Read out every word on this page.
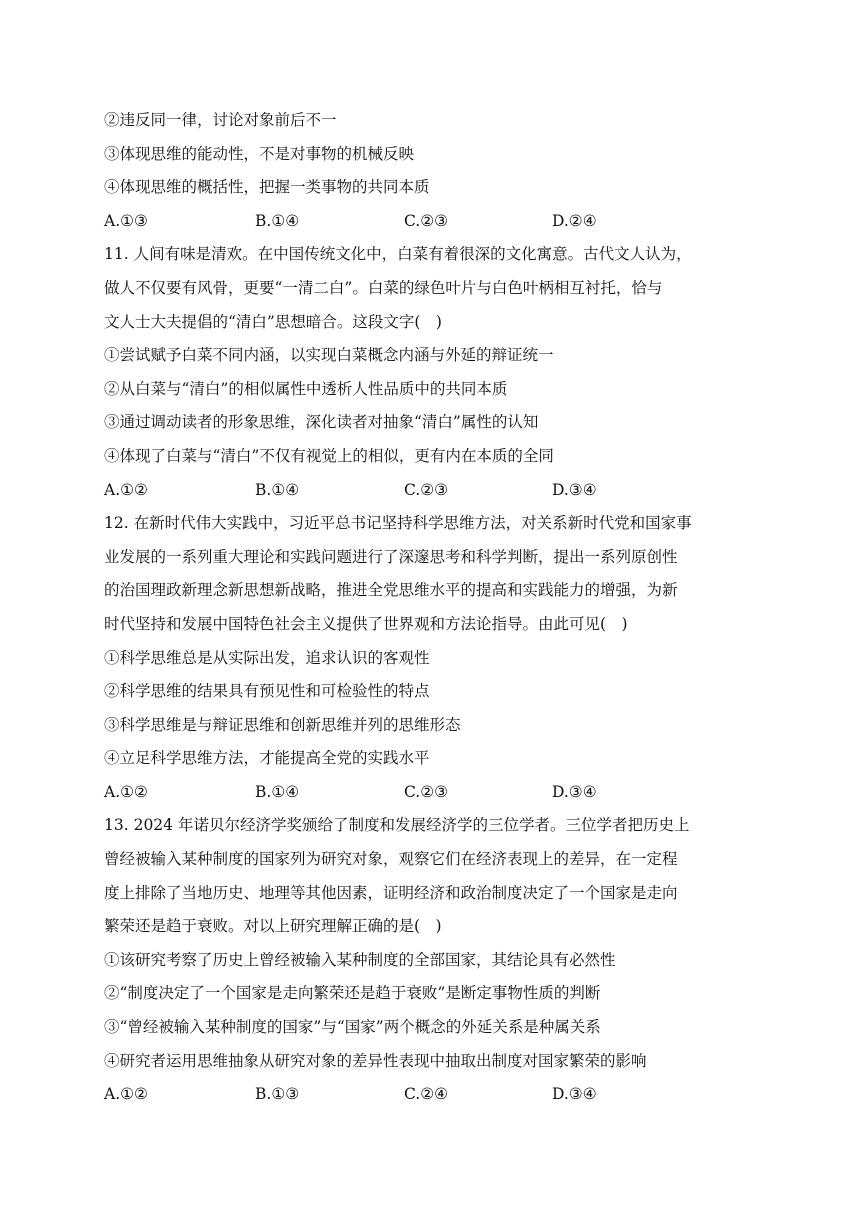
②违反同一律，讨论对象前后不一
③体现思维的能动性，不是对事物的机械反映
④体现思维的概括性，把握一类事物的共同本质
A.①③	B.①④	C.②③	D.②④
11. 人间有味是清欢。在中国传统文化中，白菜有着很深的文化寓意。古代文人认为，
做人不仅要有风骨，更要“一清二白”。白菜的绿色叶片与白色叶柄相互衬托，恰与
文人士大夫提倡的“清白”思想暗合。这段文字(　)
①尝试赋予白菜不同内涵，以实现白菜概念内涵与外延的辩证统一
②从白菜与“清白”的相似属性中透析人性品质中的共同本质
③通过调动读者的形象思维，深化读者对抽象“清白”属性的认知
④体现了白菜与“清白”不仅有视觉上的相似，更有内在本质的全同
A.①②	B.①④	C.②③	D.③④
12. 在新时代伟大实践中，习近平总书记坚持科学思维方法，对关系新时代党和国家事
业发展的一系列重大理论和实践问题进行了深邃思考和科学判断，提出一系列原创性
的治国理政新理念新思想新战略，推进全党思维水平的提高和实践能力的增强，为新
时代坚持和发展中国特色社会主义提供了世界观和方法论指导。由此可见(　)
①科学思维总是从实际出发，追求认识的客观性
②科学思维的结果具有预见性和可检验性的特点
③科学思维是与辩证思维和创新思维并列的思维形态
④立足科学思维方法，才能提高全党的实践水平
A.①②	B.①④	C.②③	D.③④
13. 2024 年诺贝尔经济学奖颁给了制度和发展经济学的三位学者。三位学者把历史上
曾经被输入某种制度的国家列为研究对象，观察它们在经济表现上的差异，在一定程
度上排除了当地历史、地理等其他因素，证明经济和政治制度决定了一个国家是走向
繁荣还是趋于衰败。对以上研究理解正确的是(　)
①该研究考察了历史上曾经被输入某种制度的全部国家，其结论具有必然性
②“制度决定了一个国家是走向繁荣还是趋于衰败”是断定事物性质的判断
③“曾经被输入某种制度的国家”与“国家”两个概念的外延关系是种属关系
④研究者运用思维抽象从研究对象的差异性表现中抽取出制度对国家繁荣的影响
A.①②	B.①③	C.②④	D.③④
